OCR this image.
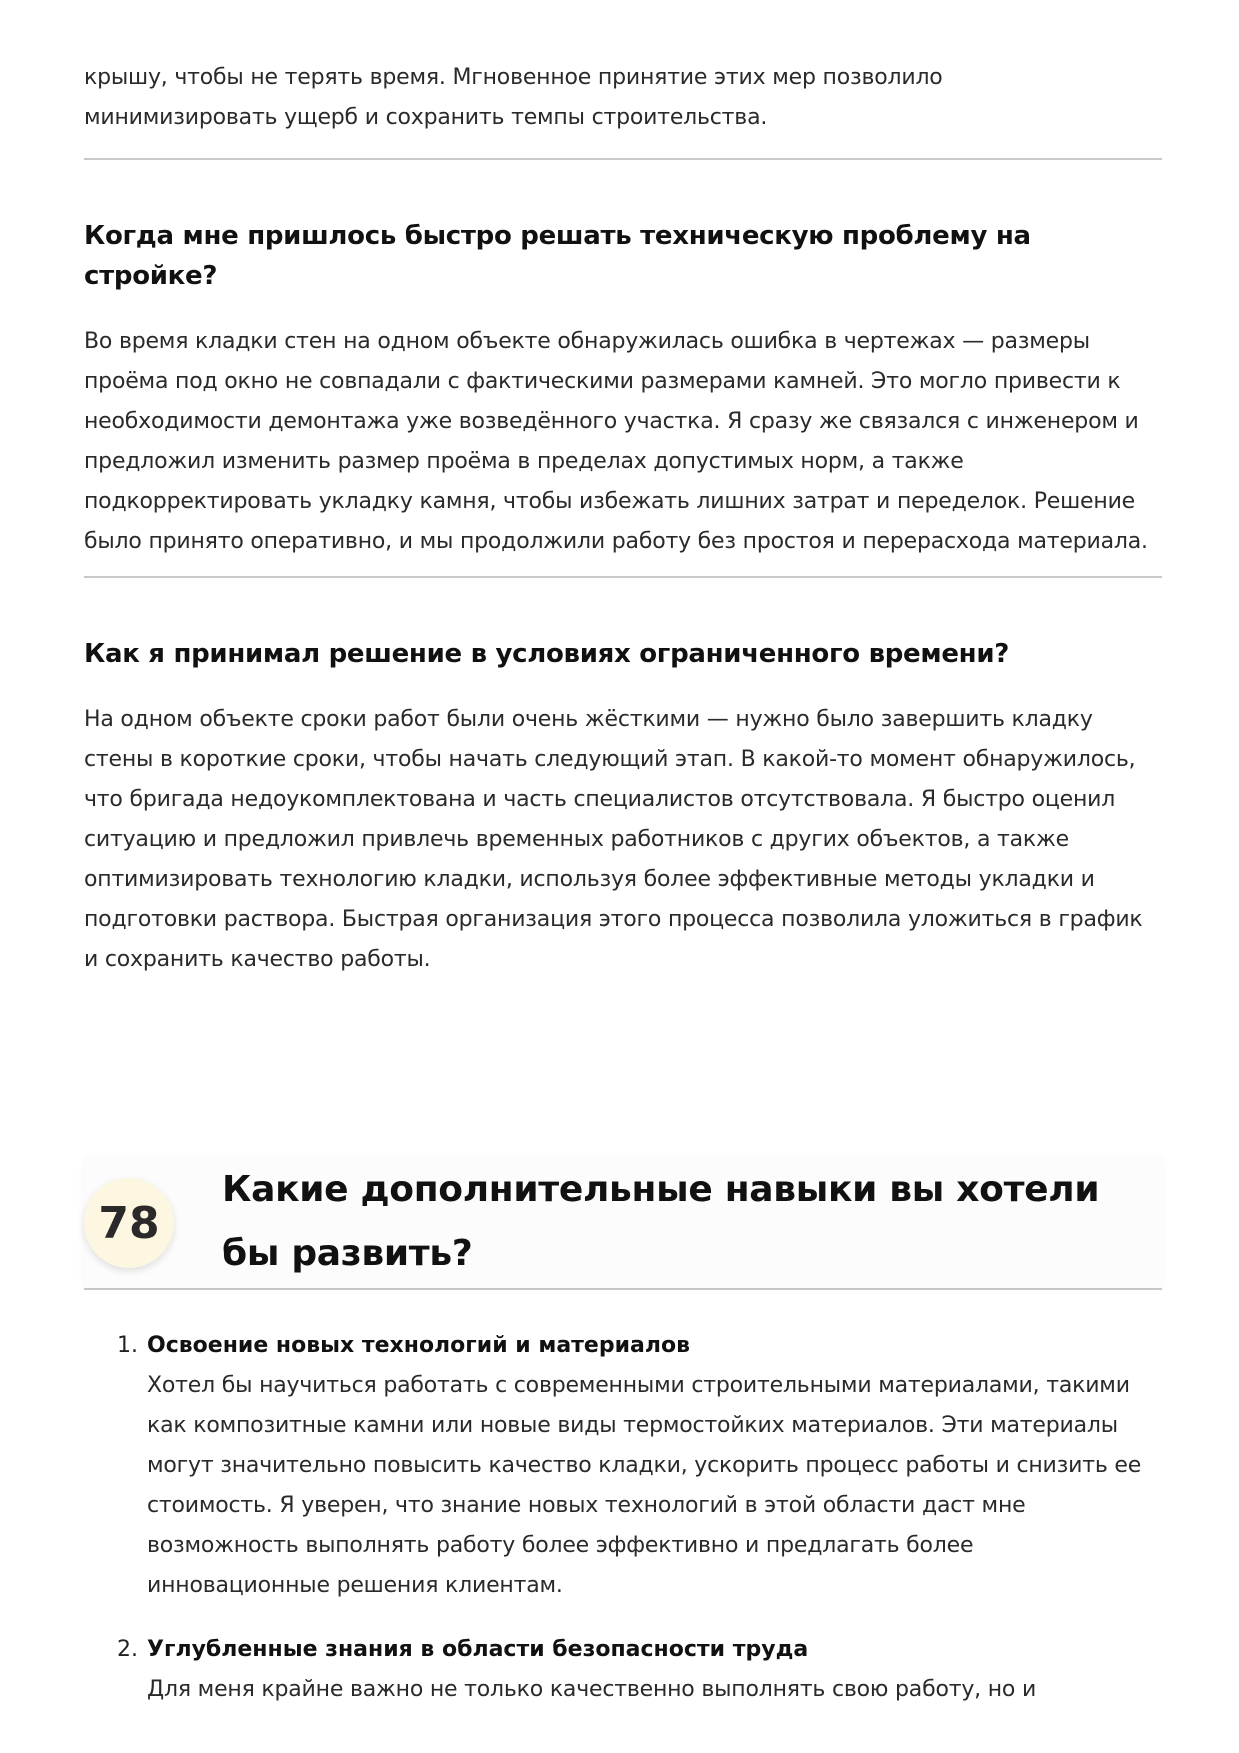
крышу, чтобы не терять время. Мгновенное принятие этих мер позволило минимизировать ущерб и сохранить темпы строительства.

Когда мне пришлось быстро решать техническую проблему на стройке?

Во время кладки стен на одном объекте обнаружилась ошибка в чертежах — размеры проёма под окно не совпадали с фактическими размерами камней. Это могло привести к необходимости демонтажа уже возведённого участка. Я сразу же связался с инженером и предложил изменить размер проёма в пределах допустимых норм, а также подкорректировать укладку камня, чтобы избежать лишних затрат и переделок. Решение было принято оперативно, и мы продолжили работу без простоя и перерасхода материала.

Как я принимал решение в условиях ограниченного времени?

На одном объекте сроки работ были очень жёсткими — нужно было завершить кладку стены в короткие сроки, чтобы начать следующий этап. В какой-то момент обнаружилось, что бригада недоукомплектована и часть специалистов отсутствовала. Я быстро оценил ситуацию и предложил привлечь временных работников с других объектов, а также оптимизировать технологию кладки, используя более эффективные методы укладки и подготовки раствора. Быстрая организация этого процесса позволила уложиться в график и сохранить качество работы.

78
Какие дополнительные навыки вы хотели бы развить?
1. Освоение новых технологий и материалов

Хотел бы научиться работать с современными строительными материалами, такими как композитные камни или новые виды термостойких материалов. Эти материалы могут значительно повысить качество кладки, ускорить процесс работы и снизить ее стоимость. Я уверен, что знание новых технологий в этой области даст мне возможность выполнять работу более эффективно и предлагать более инновационные решения клиентам.

2. Углубленные знания в области безопасности труда

Для меня крайне важно не только качественно выполнять свою работу, но и
